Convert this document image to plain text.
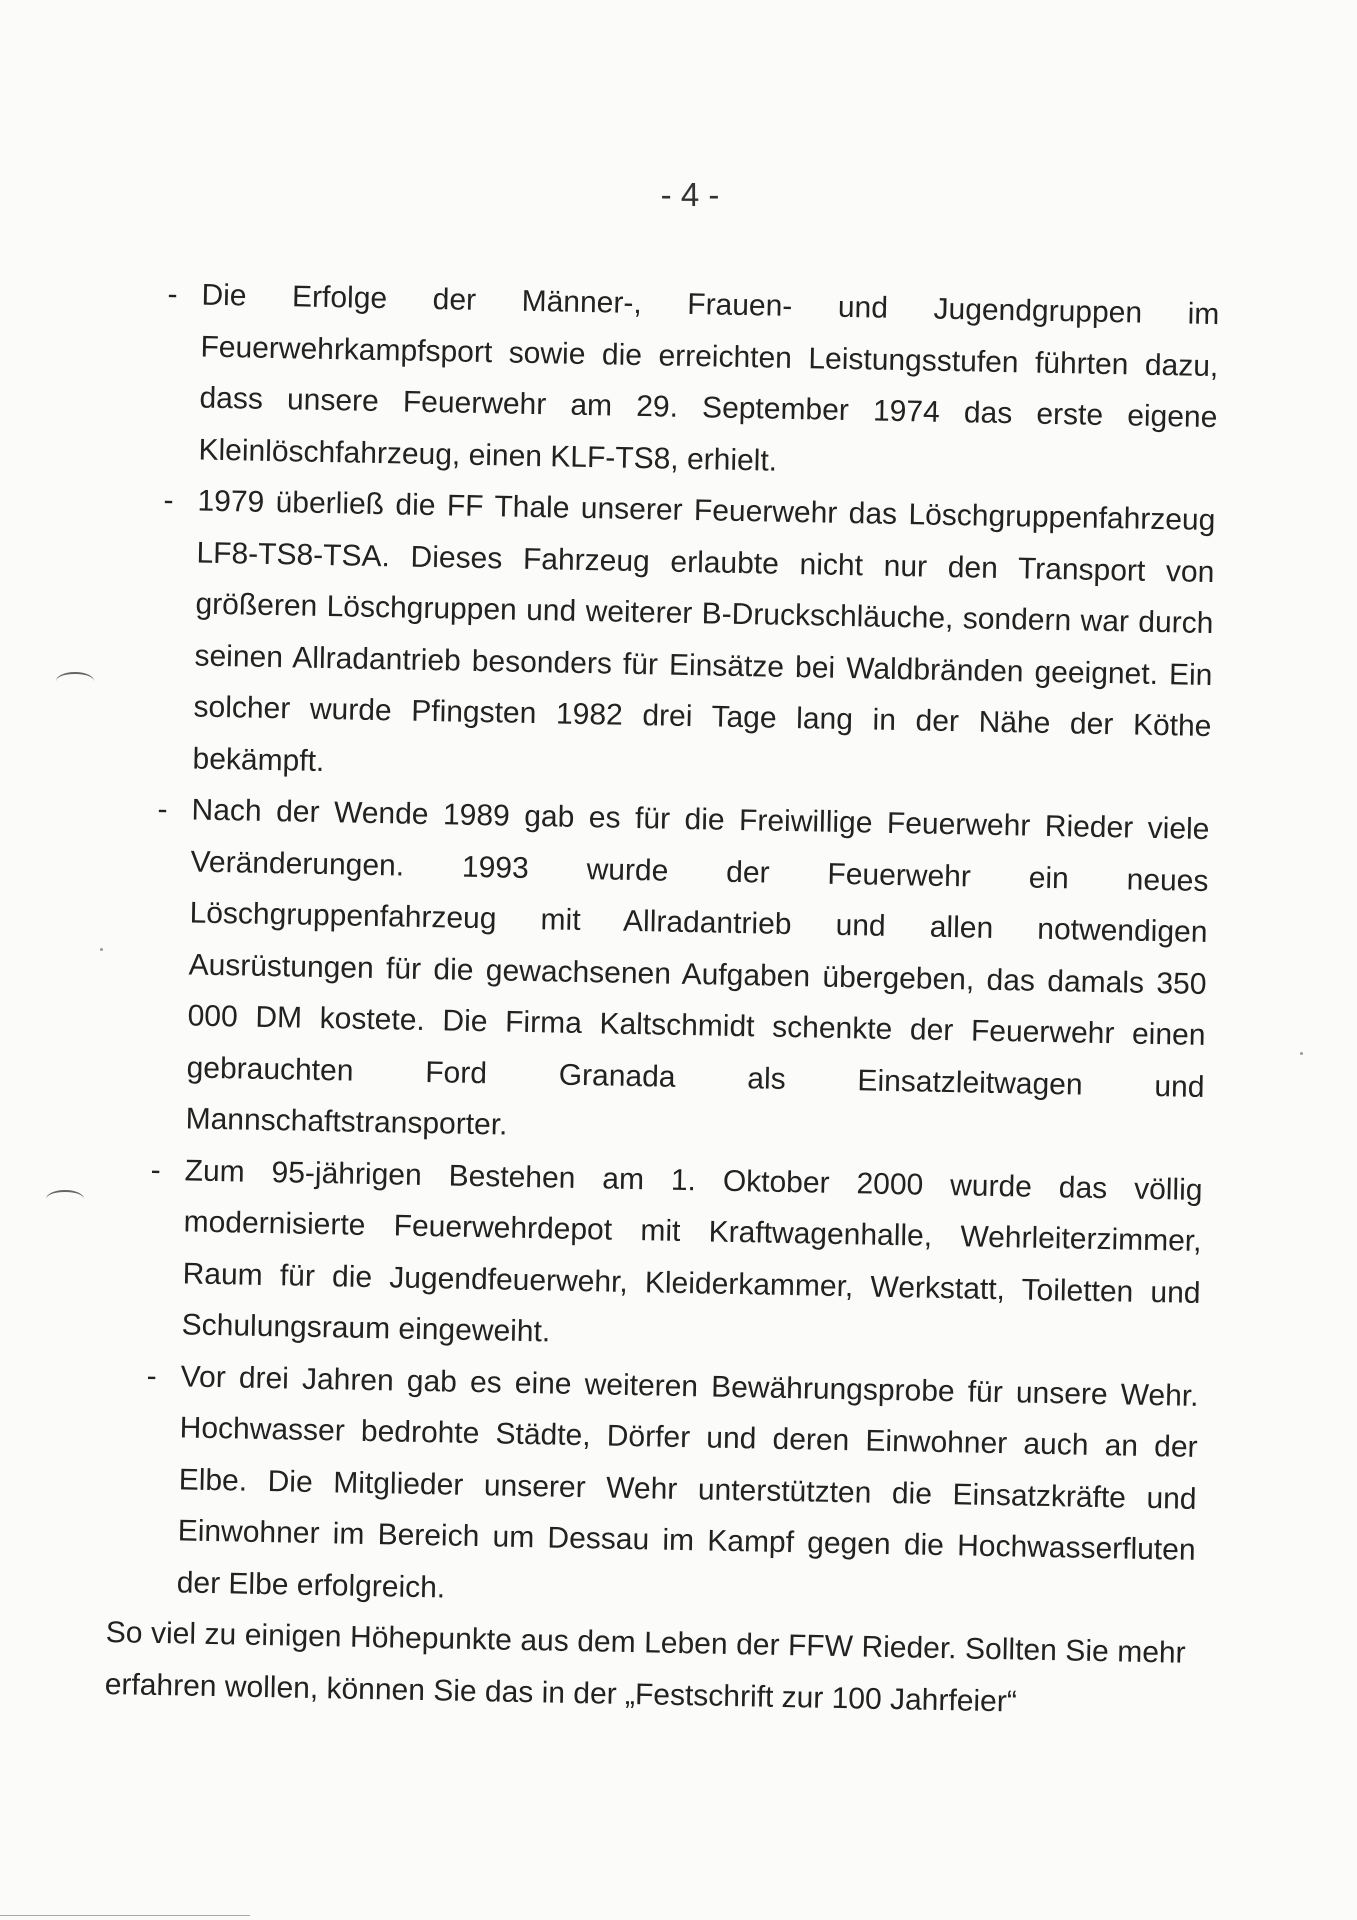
- 4 -
- Die Erfolge der Männer-, Frauen- und Jugendgruppen im Feuerwehrkampfsport sowie die erreichten Leistungsstufen führten dazu, dass unsere Feuerwehr am 29. September 1974 das erste eigene Kleinlöschfahrzeug, einen KLF-TS8, erhielt.

- 1979 überließ die FF Thale unserer Feuerwehr das Löschgruppenfahrzeug LF8-TS8-TSA. Dieses Fahrzeug erlaubte nicht nur den Transport von größeren Löschgruppen und weiterer B-Druckschläuche, sondern war durch seinen Allradantrieb besonders für Einsätze bei Waldbränden geeignet. Ein solcher wurde Pfingsten 1982 drei Tage lang in der Nähe der Köthe bekämpft.

- Nach der Wende 1989 gab es für die Freiwillige Feuerwehr Rieder viele Veränderungen. 1993 wurde der Feuerwehr ein neues Löschgruppenfahrzeug mit Allradantrieb und allen notwendigen Ausrüstungen für die gewachsenen Aufgaben übergeben, das damals 350 000 DM kostete. Die Firma Kaltschmidt schenkte der Feuerwehr einen gebrauchten Ford Granada als Einsatzleitwagen und Mannschaftstransporter.

- Zum 95-jährigen Bestehen am 1. Oktober 2000 wurde das völlig modernisierte Feuerwehrdepot mit Kraftwagenhalle, Wehrleiterzimmer, Raum für die Jugendfeuerwehr, Kleiderkammer, Werkstatt, Toiletten und Schulungsraum eingeweiht.

- Vor drei Jahren gab es eine weiteren Bewährungsprobe für unsere Wehr. Hochwasser bedrohte Städte, Dörfer und deren Einwohner auch an der Elbe. Die Mitglieder unserer Wehr unterstützten die Einsatzkräfte und Einwohner im Bereich um Dessau im Kampf gegen die Hochwasserfluten der Elbe erfolgreich.

So viel zu einigen Höhepunkte aus dem Leben der FFW Rieder. Sollten Sie mehr erfahren wollen, können Sie das in der „Festschrift zur 100 Jahrfeier“
